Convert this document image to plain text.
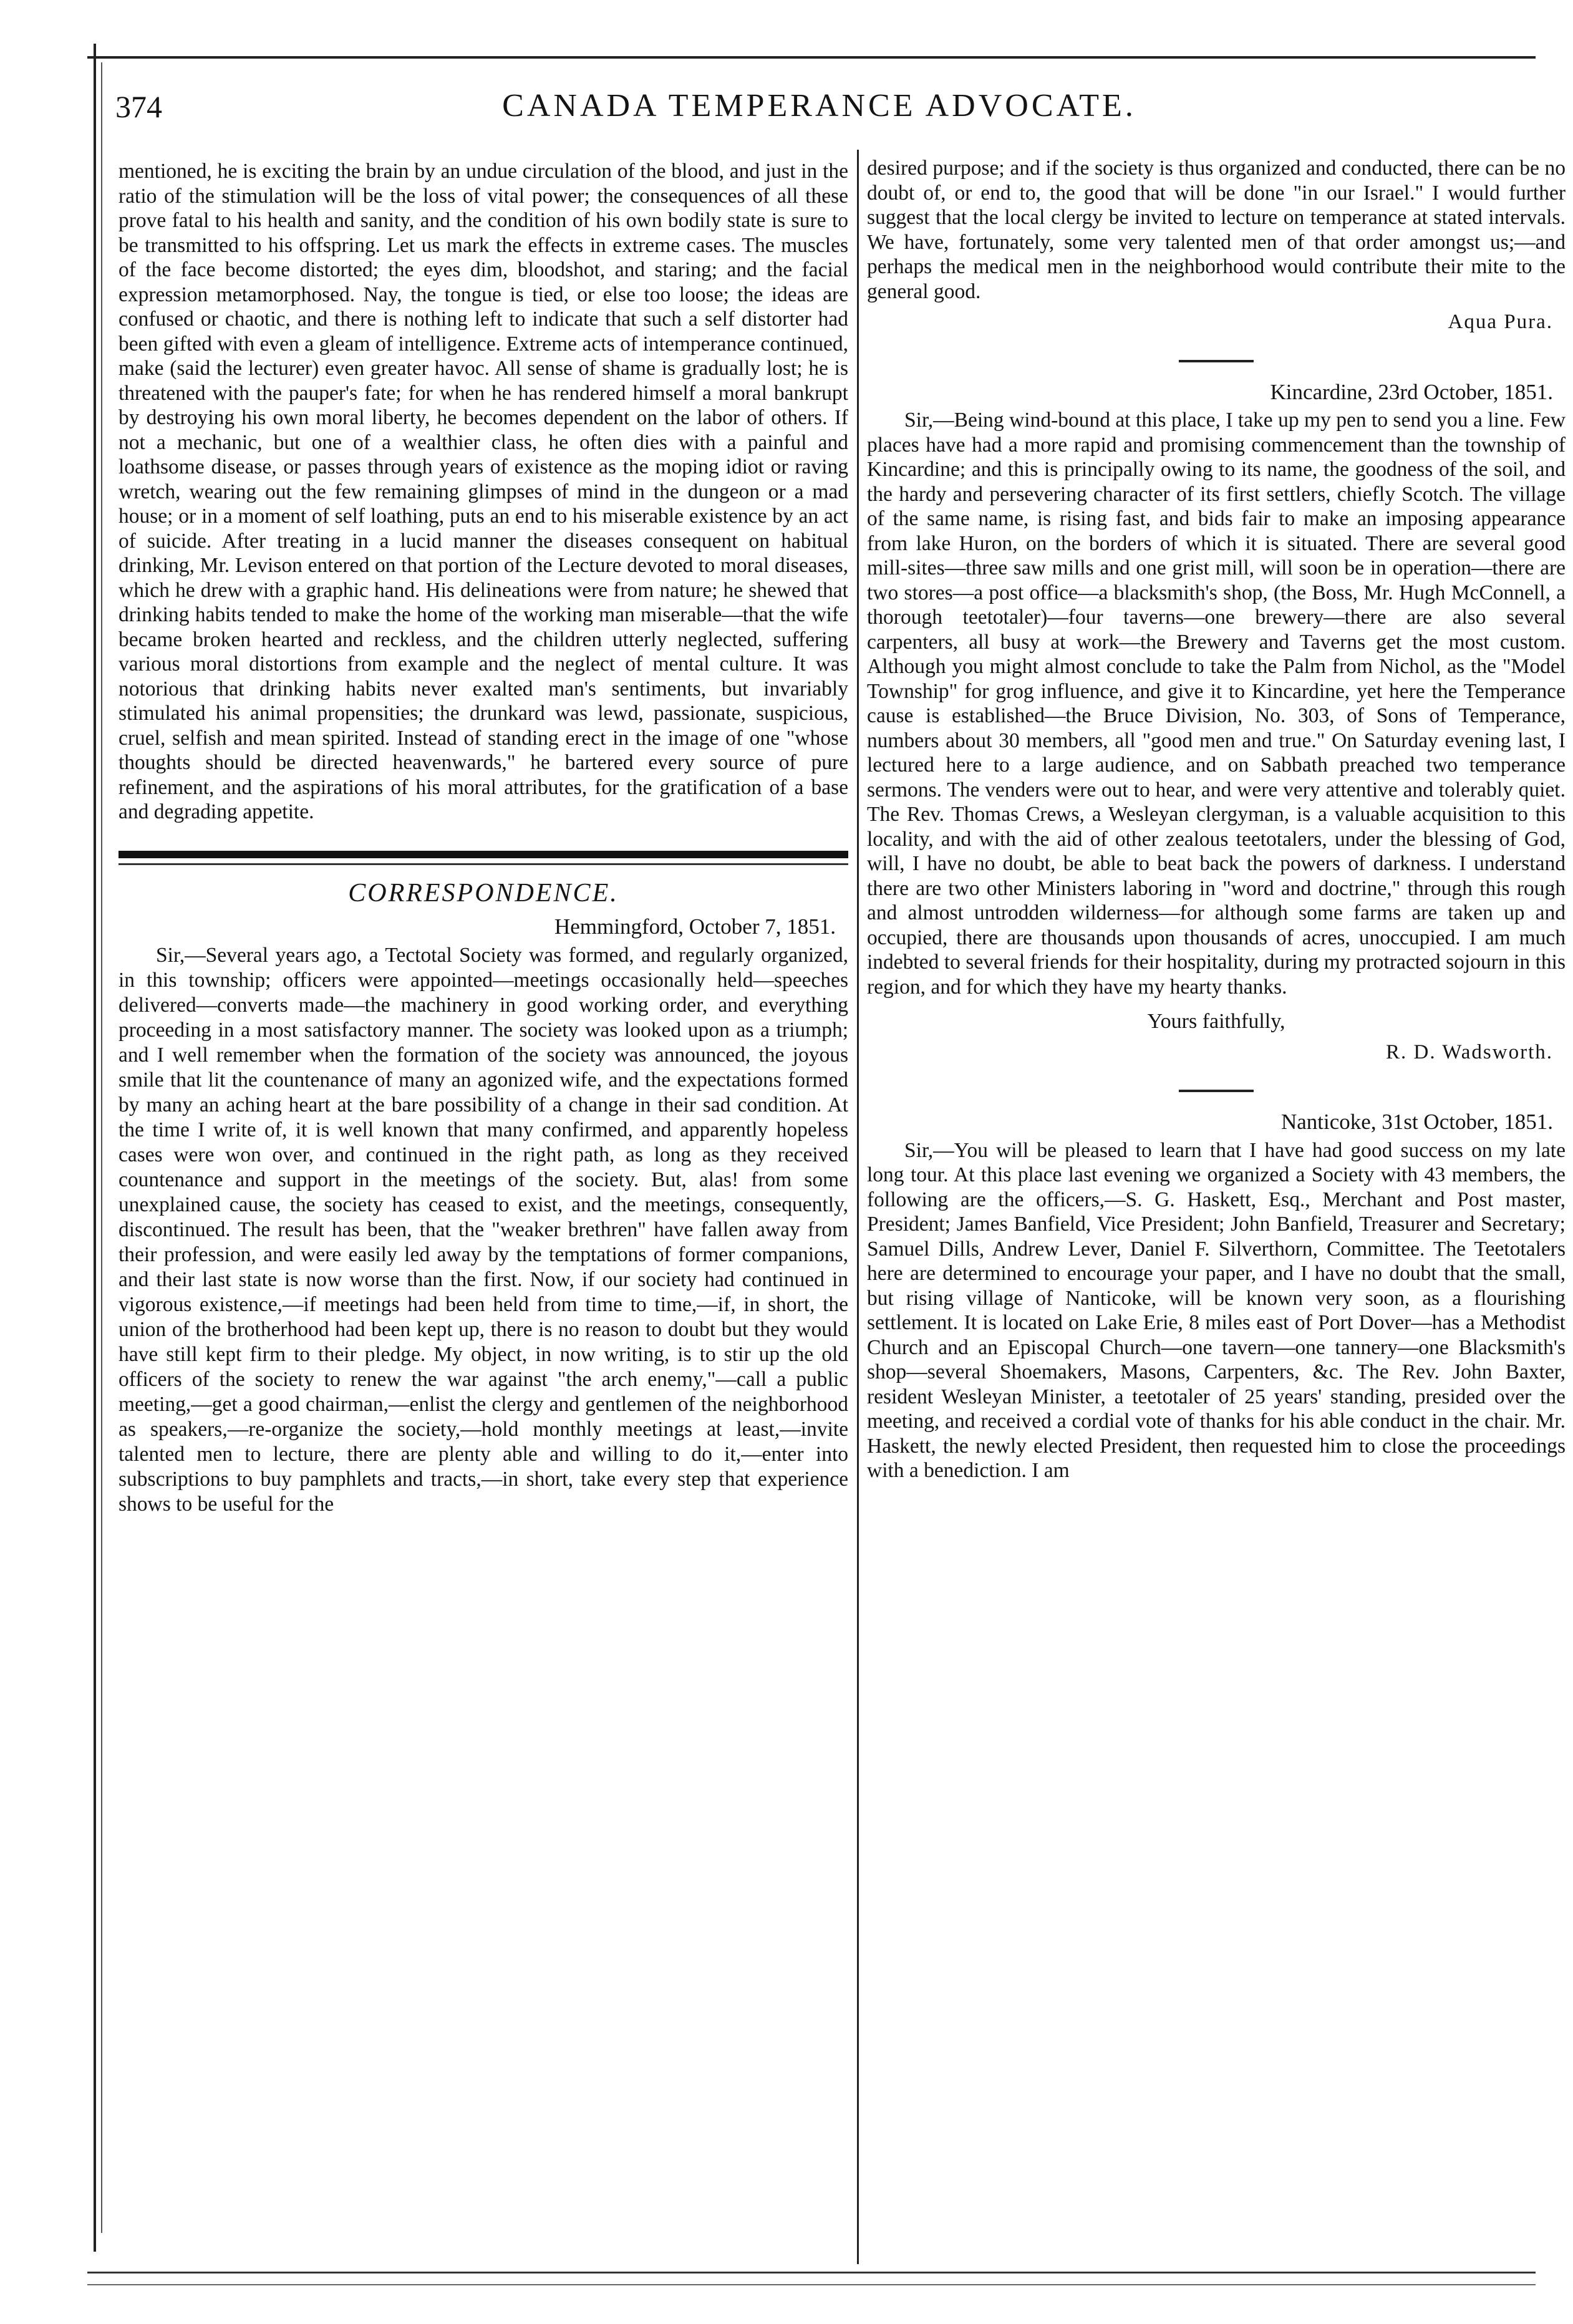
374	CANADA TEMPERANCE ADVOCATE.

mentioned, he is exciting the brain by an undue circulation of the blood, and just in the ratio of the stimulation will be the loss of vital power; the consequences of all these prove fatal to his health and sanity, and the condition of his own bodily state is sure to be transmitted to his offspring. Let us mark the effects in extreme cases. The muscles of the face become distorted; the eyes dim, bloodshot, and staring; and the facial expression metamorphosed. Nay, the tongue is tied, or else too loose; the ideas are confused or chaotic, and there is nothing left to indicate that such a self distorter had been gifted with even a gleam of intelligence. Extreme acts of intemperance continued, make (said the lecturer) even greater havoc. All sense of shame is gradually lost; he is threatened with the pauper's fate; for when he has rendered himself a moral bankrupt by destroying his own moral liberty, he becomes dependent on the labor of others. If not a mechanic, but one of a wealthier class, he often dies with a painful and loathsome disease, or passes through years of existence as the moping idiot or raving wretch, wearing out the few remaining glimpses of mind in the dungeon or a mad house; or in a moment of self loathing, puts an end to his miserable existence by an act of suicide. After treating in a lucid manner the diseases consequent on habitual drinking, Mr. Levison entered on that portion of the Lecture devoted to moral diseases, which he drew with a graphic hand. His delineations were from nature; he shewed that drinking habits tended to make the home of the working man miserable—that the wife became broken hearted and reckless, and the children utterly neglected, suffering various moral distortions from example and the neglect of mental culture. It was notorious that drinking habits never exalted man's sentiments, but invariably stimulated his animal propensities; the drunkard was lewd, passionate, suspicious, cruel, selfish and mean spirited. Instead of standing erect in the image of one "whose thoughts should be directed heavenwards," he bartered every source of pure refinement, and the aspirations of his moral attributes, for the gratification of a base and degrading appetite.

CORRESPONDENCE.
Hemmingford, October 7, 1851.

Sir,—Several years ago, a Tectotal Society was formed, and regularly organized, in this township; officers were appointed—meetings occasionally held—speeches delivered—converts made—the machinery in good working order, and everything proceeding in a most satisfactory manner. The society was looked upon as a triumph; and I well remember when the formation of the society was announced, the joyous smile that lit the countenance of many an agonized wife, and the expectations formed by many an aching heart at the bare possibility of a change in their sad condition. At the time I write of, it is well known that many confirmed, and apparently hopeless cases were won over, and continued in the right path, as long as they received countenance and support in the meetings of the society. But, alas! from some unexplained cause, the society has ceased to exist, and the meetings, consequently, discontinued. The result has been, that the "weaker brethren" have fallen away from their profession, and were easily led away by the temptations of former companions, and their last state is now worse than the first. Now, if our society had continued in vigorous existence,—if meetings had been held from time to time,—if, in short, the union of the brotherhood had been kept up, there is no reason to doubt but they would have still kept firm to their pledge. My object, in now writing, is to stir up the old officers of the society to renew the war against "the arch enemy,"—call a public meeting,—get a good chairman,—enlist the clergy and gentlemen of the neighborhood as speakers,—re-organize the society,—hold monthly meetings at least,—invite talented men to lecture, there are plenty able and willing to do it,—enter into subscriptions to buy pamphlets and tracts,—in short, take every step that experience shows to be useful for the

desired purpose; and if the society is thus organized and conducted, there can be no doubt of, or end to, the good that will be done "in our Israel." I would further suggest that the local clergy be invited to lecture on temperance at stated intervals. We have, fortunately, some very talented men of that order amongst us;—and perhaps the medical men in the neighborhood would contribute their mite to the general good.

Aqua Pura.
Kincardine, 23rd October, 1851.

Sir,—Being wind-bound at this place, I take up my pen to send you a line. Few places have had a more rapid and promising commencement than the township of Kincardine; and this is principally owing to its name, the goodness of the soil, and the hardy and persevering character of its first settlers, chiefly Scotch. The village of the same name, is rising fast, and bids fair to make an imposing appearance from lake Huron, on the borders of which it is situated. There are several good mill-sites—three saw mills and one grist mill, will soon be in operation—there are two stores—a post office—a blacksmith's shop, (the Boss, Mr. Hugh McConnell, a thorough teetotaler)—four taverns—one brewery—there are also several carpenters, all busy at work—the Brewery and Taverns get the most custom. Although you might almost conclude to take the Palm from Nichol, as the "Model Township" for grog influence, and give it to Kincardine, yet here the Temperance cause is established—the Bruce Division, No. 303, of Sons of Temperance, numbers about 30 members, all "good men and true." On Saturday evening last, I lectured here to a large audience, and on Sabbath preached two temperance sermons. The venders were out to hear, and were very attentive and tolerably quiet. The Rev. Thomas Crews, a Wesleyan clergyman, is a valuable acquisition to this locality, and with the aid of other zealous teetotalers, under the blessing of God, will, I have no doubt, be able to beat back the powers of darkness. I understand there are two other Ministers laboring in "word and doctrine," through this rough and almost untrodden wilderness—for although some farms are taken up and occupied, there are thousands upon thousands of acres, unoccupied. I am much indebted to several friends for their hospitality, during my protracted sojourn in this region, and for which they have my hearty thanks.

Yours faithfully,
R. D. Wadsworth.
Nanticoke, 31st October, 1851.

Sir,—You will be pleased to learn that I have had good success on my late long tour. At this place last evening we organized a Society with 43 members, the following are the officers,—S. G. Haskett, Esq., Merchant and Post master, President; James Banfield, Vice President; John Banfield, Treasurer and Secretary; Samuel Dills, Andrew Lever, Daniel F. Silverthorn, Committee. The Teetotalers here are determined to encourage your paper, and I have no doubt that the small, but rising village of Nanticoke, will be known very soon, as a flourishing settlement. It is located on Lake Erie, 8 miles east of Port Dover—has a Methodist Church and an Episcopal Church—one tavern—one tannery—one Blacksmith's shop—several Shoemakers, Masons, Carpenters, &c. The Rev. John Baxter, resident Wesleyan Minister, a teetotaler of 25 years' standing, presided over the meeting, and received a cordial vote of thanks for his able conduct in the chair. Mr. Haskett, the newly elected President, then requested him to close the proceedings with a benediction. I am
